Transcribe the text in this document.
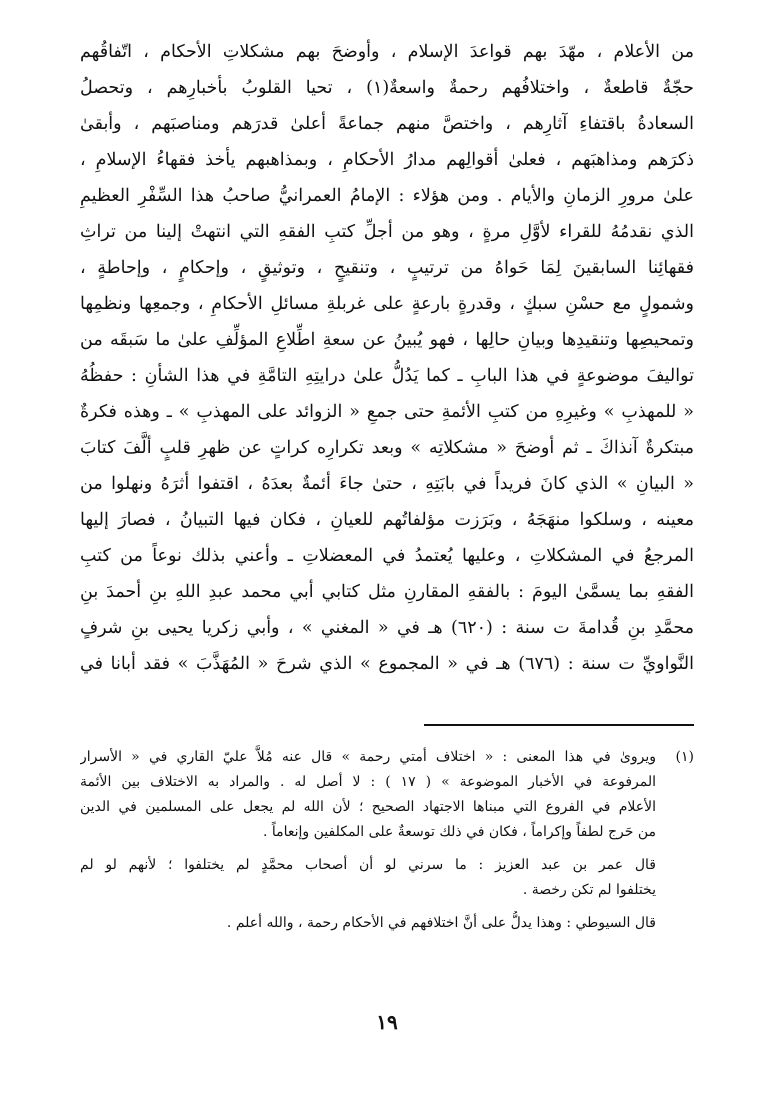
من الأعلام ، مهّدَ بهم قواعدَ الإسلام ، وأوضحَ بهم مشكلاتِ الأحكام ، اتّفاقُهم
حجّةٌ قاطعةٌ ، واختلافُهم رحمةٌ واسعةٌ(١) ، تحيا القلوبُ بأخبارِهم ، وتحصلُ
السعادةُ باقتفاءِ آثارِهم ، واختصَّ منهم جماعةً أعلىٰ قدرَهم ومناصبَهم ، وأبقىٰ
ذكرَهم ومذاهبَهم ، فعلىٰ أقوالِهم مدارُ الأحكامِ ، وبمذاهبهم يأخذ فقهاءُ الإسلامِ ،
علىٰ مرورِ الزمانِ والأيام . ومن هؤلاء : الإمامُ العمرانيُّ صاحبُ هذا السِّفْرِ العظيمِ
الذي نقدمُهُ للقراء لأوَّلِ مرةٍ ، وهو من أجلِّ كتبِ الفقهِ التي انتهتْ إلينا من تراثِ
فقهائِنا السابقينَ لِمَا حَواهُ من ترتيبٍ ، وتنقيحٍ ، وتوثيقٍ ، وإحكامٍ ، وإحاطةٍ ،
وشمولٍ مع حسْنِ سبكٍ ، وقدرةٍ بارعةٍ على غربلةِ مسائلِ الأحكامِ ، وجمعِها ونظمِها
وتمحيصِها وتنقيدِها وبيانِ حالِها ، فهو يُبينُ عن سعةِ اطِّلاعِ المؤلِّفِ علىٰ ما سَبقَه من
تواليفَ موضوعةٍ في هذا البابِ ـ كما يَدُلُّ علىٰ درايتِهِ التامَّةِ في هذا الشأنِ : حفظُهُ
« للمهذبِ » وغيرِهِ من كتبِ الأئمةِ حتى جمعِ « الزوائد على المهذبِ » ـ وهذه فكرةٌ
مبتكرةٌ آنذاكَ ـ ثم أوضحَ « مشكلاتِه » وبعد تكرارِه كراتٍ عن ظهرِ قلبٍ ألَّفَ كتابَ
« البيانِ » الذي كانَ فريداً في بابَتِهِ ، حتىٰ جاءَ أئمةٌ بعدَهُ ، اقتفوا أثرَهُ ونهلوا من
معينه ، وسلكوا منهَجَهُ ، وبَرَزت مؤلفاتُهم للعيانِ ، فكان فيها التبيانُ ، فصارَ إليها
المرجعُ في المشكلاتِ ، وعليها يُعتمدُ في المعضلاتِ ـ وأعني بذلك نوعاً من كتبِ
الفقهِ بما يسمَّىٰ اليومَ : بالفقهِ المقارنِ مثل كتابي أبي محمد عبدِ اللهِ بنِ أحمدَ بنِ
محمَّدِ بنِ قُدامةَ ت سنة : (٦٢٠) هـ في « المغني » ، وأبي زكريا يحيى بنِ شرفٍ
النَّواويِّ ت سنة : (٦٧٦) هـ في « المجموع » الذي شرحَ « المُهَذَّبَ » فقد أبانا في
(١)ويروىٰ في هذا المعنى : « اختلاف أمتي رحمة » قال عنه مُلاَّ عليّ القاري في « الأسرار
المرفوعة في الأخبار الموضوعة » ( ١٧ ) : لا أصل له . والمراد به الاختلاف بين الأئمة
الأعلام في الفروع التي مبناها الاجتهاد الصحيح ؛ لأن الله لم يجعل على المسلمين في الدين
من حَرج لطفاً وإكراماً ، فكان في ذلك توسعةٌ على المكلفين وإنعاماً .
قال عمر بن عبد العزيز : ما سرني لو أن أصحاب محمَّدٍ لم يختلفوا ؛ لأنهم لو لم
يختلفوا لم تكن رخصة .
قال السيوطي : وهذا يدلُّ على أنَّ اختلافهم في الأحكام رحمة ، والله أعلم .
١٩
